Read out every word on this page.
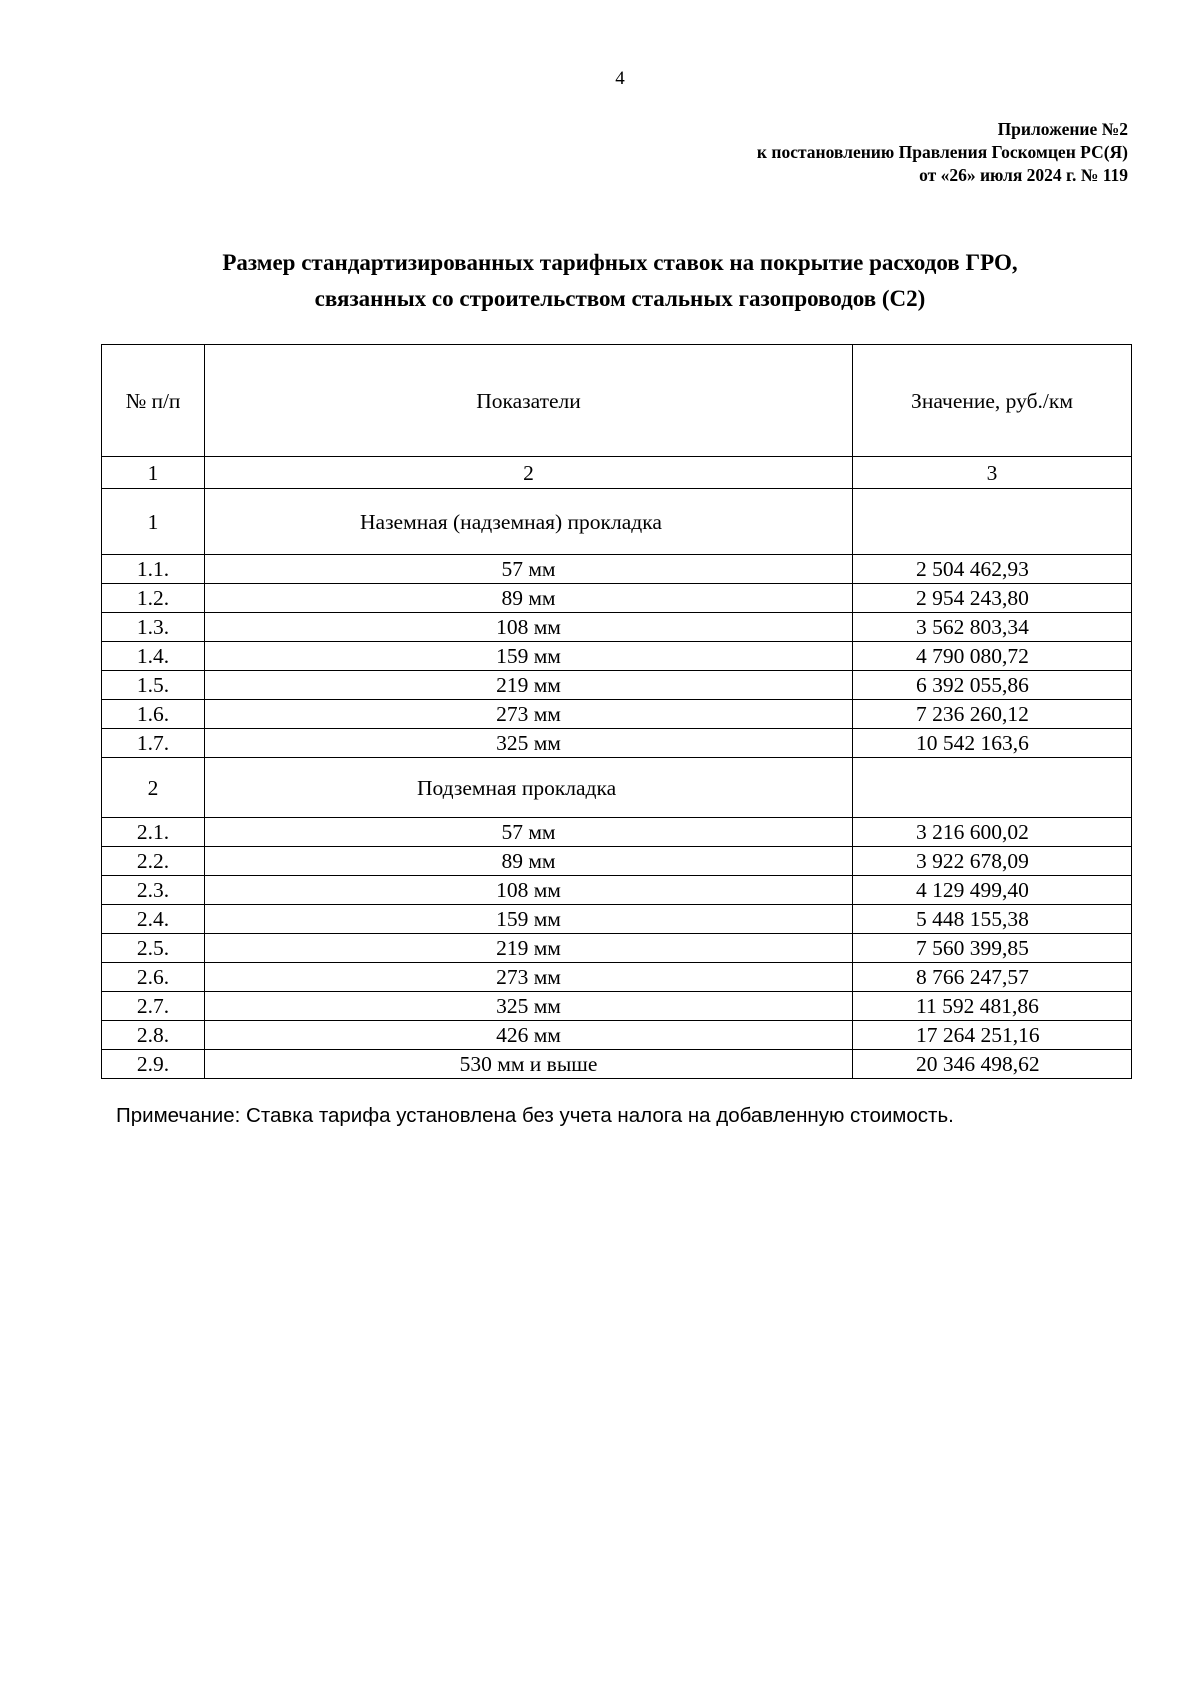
4
Приложение №2
к постановлению Правления Госкомцен РС(Я)
от «26» июля 2024 г. № 119
Размер стандартизированных тарифных ставок на покрытие расходов ГРО,
связанных со строительством стальных газопроводов (С2)
№ п/п	Показатели	Значение, руб./км
1	2	3
1	Наземная (надземная) прокладка	
1.1.	57 мм	2 504 462,93
1.2.	89 мм	2 954 243,80
1.3.	108 мм	3 562 803,34
1.4.	159 мм	4 790 080,72
1.5.	219 мм	6 392 055,86
1.6.	273 мм	7 236 260,12
1.7.	325 мм	10 542 163,6
2	Подземная прокладка	
2.1.	57 мм	3 216 600,02
2.2.	89 мм	3 922 678,09
2.3.	108 мм	4 129 499,40
2.4.	159 мм	5 448 155,38
2.5.	219 мм	7 560 399,85
2.6.	273 мм	8 766 247,57
2.7.	325 мм	11 592 481,86
2.8.	426 мм	17 264 251,16
2.9.	530 мм и выше	20 346 498,62
Примечание: Ставка тарифа установлена без учета налога на добавленную стоимость.
